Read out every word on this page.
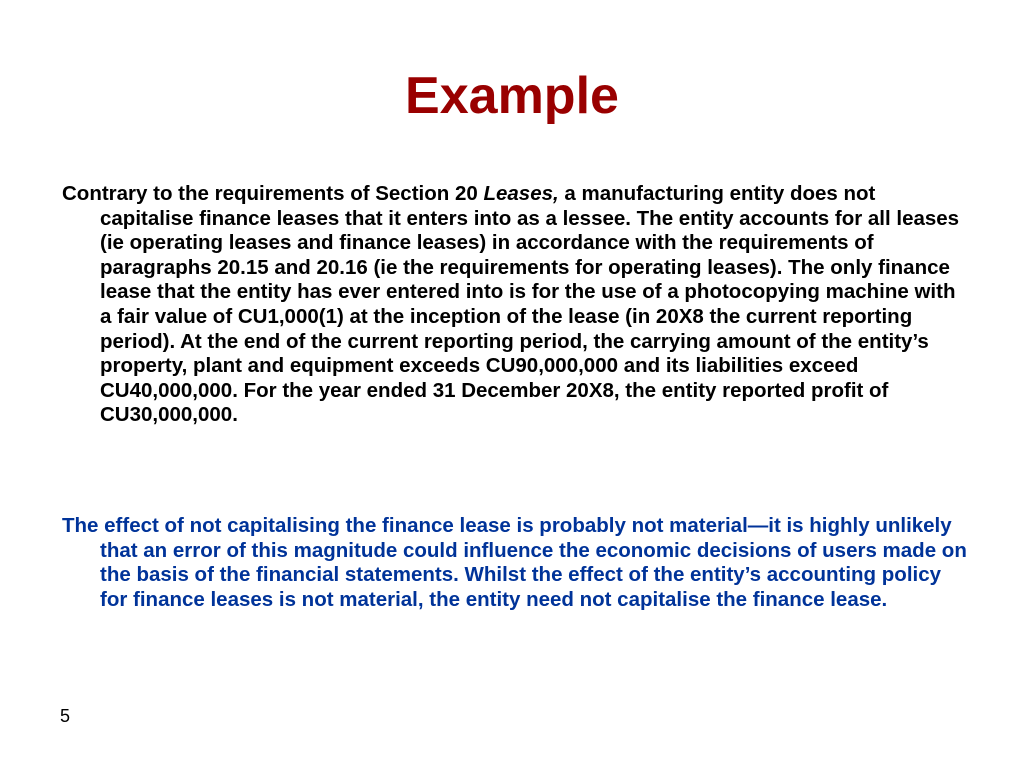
Example

Contrary to the requirements of Section 20 Leases, a manufacturing entity does not capitalise finance leases that it enters into as a lessee. The entity accounts for all leases (ie operating leases and finance leases) in accordance with the requirements of paragraphs 20.15 and 20.16 (ie the requirements for operating leases). The only finance lease that the entity has ever entered into is for the use of a photocopying machine with a fair value of CU1,000(1) at the inception of the lease (in 20X8 the current reporting period). At the end of the current reporting period, the carrying amount of the entity’s property, plant and equipment exceeds CU90,000,000 and its liabilities exceed CU40,000,000. For the year ended 31 December 20X8, the entity reported profit of CU30,000,000.

The effect of not capitalising the finance lease is probably not material—it is highly unlikely that an error of this magnitude could influence the economic decisions of users made on the basis of the financial statements. Whilst the effect of the entity’s accounting policy for finance leases is not material, the entity need not capitalise the finance lease.

5
